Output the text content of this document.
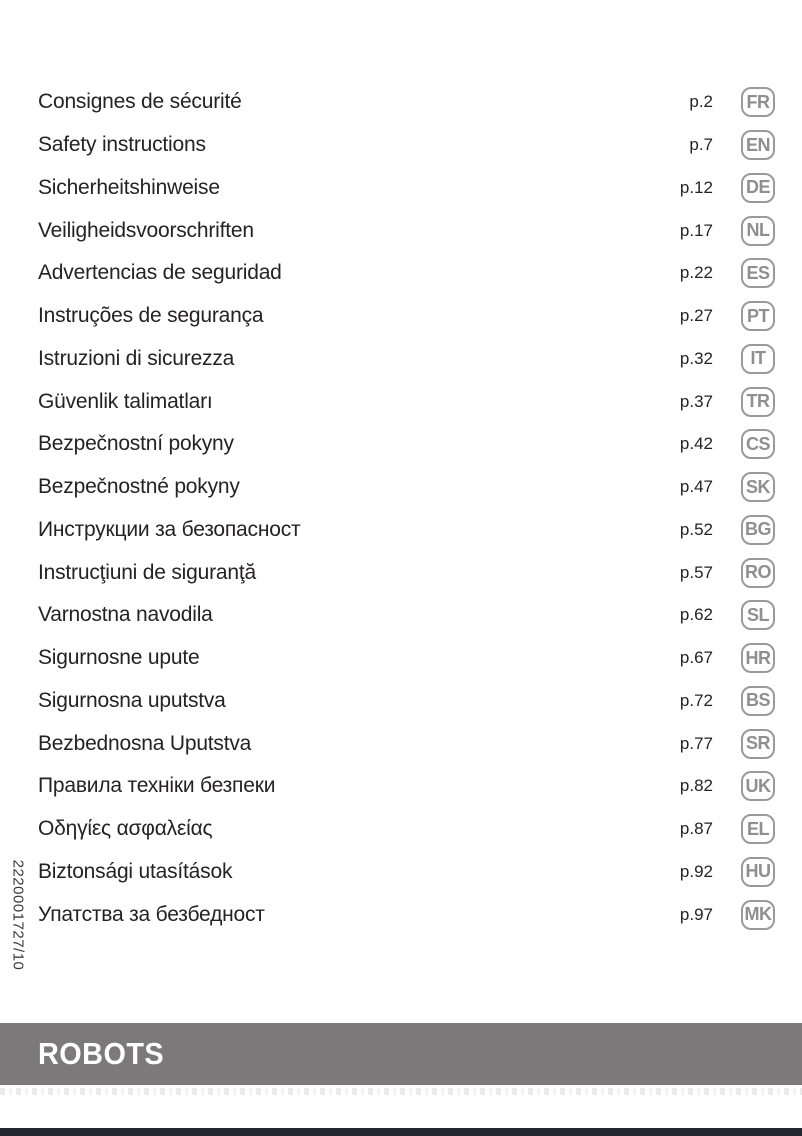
2220001727/10
Consignes de sécurité	p.2	FR
Safety instructions	p.7 EN
Sicherheitshinweise	p.12 DE
Veiligheidsvoorschriften	p.17	NL
Advertencias de seguridad	p.22	ES
Instruções de segurança	p.27	PT
Istruzioni di sicurezza	p.32	IT
Güvenlik talimatları	p.37	TR
Bezpečnostní pokyny	p.42 CS
Bezpečnostné pokyny	p.47 SK
Инструкции за безопасност	p.52 BG
Instrucţiuni de siguranţă	p.57 RO
Varnostna navodila	p.62	SL
Sigurnosne upute	p.67 HR
Sigurnosna uputstva	p.72 BS
Bezbednosna Uputstva	p.77 SR
Правила техніки безпеки	p.82 UK
Οδηγίες ασφαλείας	p.87	EL
Biztonsági utasítások	p.92 HU
Упатства за безбедност	p.97 MK
ROBOTS
